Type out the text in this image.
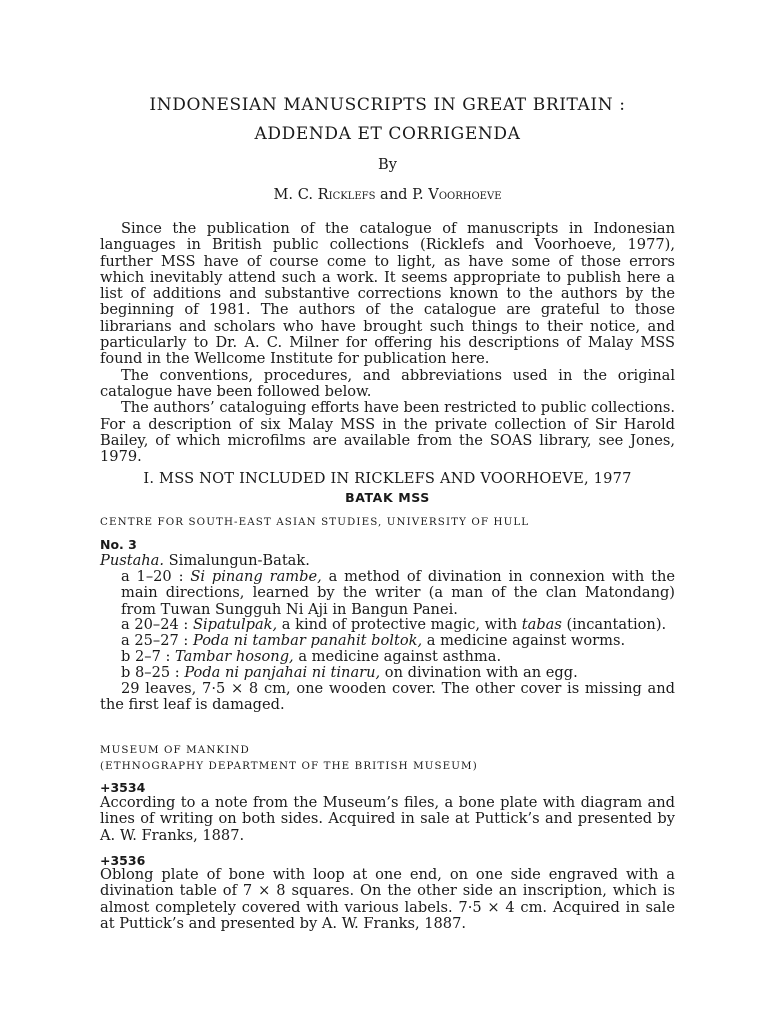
INDONESIAN MANUSCRIPTS IN GREAT BRITAIN :
ADDENDA ET CORRIGENDA
By
M. C. Ricklefs and P. Voorhoeve

Since the publication of the catalogue of manuscripts in Indonesian languages in British public collections (Ricklefs and Voorhoeve, 1977), further MSS have of course come to light, as have some of those errors which inevitably attend such a work. It seems appropriate to publish here a list of additions and substantive corrections known to the authors by the beginning of 1981. The authors of the catalogue are grateful to those librarians and scholars who have brought such things to their notice, and particularly to Dr. A. C. Milner for offering his descriptions of Malay MSS found in the Wellcome Institute for publication here.

The conventions, procedures, and abbreviations used in the original catalogue have been followed below.

The authors’ cataloguing efforts have been restricted to public collections. For a description of six Malay MSS in the private collection of Sir Harold Bailey, of which microfilms are available from the SOAS library, see Jones, 1979.

I. MSS NOT INCLUDED IN RICKLEFS AND VOORHOEVE, 1977
BATAK MSS
CENTRE FOR SOUTH-EAST ASIAN STUDIES, UNIVERSITY OF HULL
No. 3
Pustaha. Simalungun-Batak.
a 1–20 : Si pinang rambe, a method of divination in connexion with the main directions, learned by the writer (a man of the clan Matondang) from Tuwan Sungguh Ni Aji in Bangun Panei.
a 20–24 : Sipatulpak, a kind of protective magic, with tabas (incantation).
a 25–27 : Poda ni tambar panahit boltok, a medicine against worms.
b 2–7 : Tambar hosong, a medicine against asthma.
b 8–25 : Poda ni panjahai ni tinaru, on divination with an egg.
29 leaves, 7·5 × 8 cm, one wooden cover. The other cover is missing and the first leaf is damaged.
MUSEUM OF MANKIND
(ETHNOGRAPHY DEPARTMENT OF THE BRITISH MUSEUM)
+3534
According to a note from the Museum’s files, a bone plate with diagram and lines of writing on both sides. Acquired in sale at Puttick’s and presented by A. W. Franks, 1887.
+3536
Oblong plate of bone with loop at one end, on one side engraved with a divination table of 7 × 8 squares. On the other side an inscription, which is almost completely covered with various labels. 7·5 × 4 cm. Acquired in sale at Puttick’s and presented by A. W. Franks, 1887.
